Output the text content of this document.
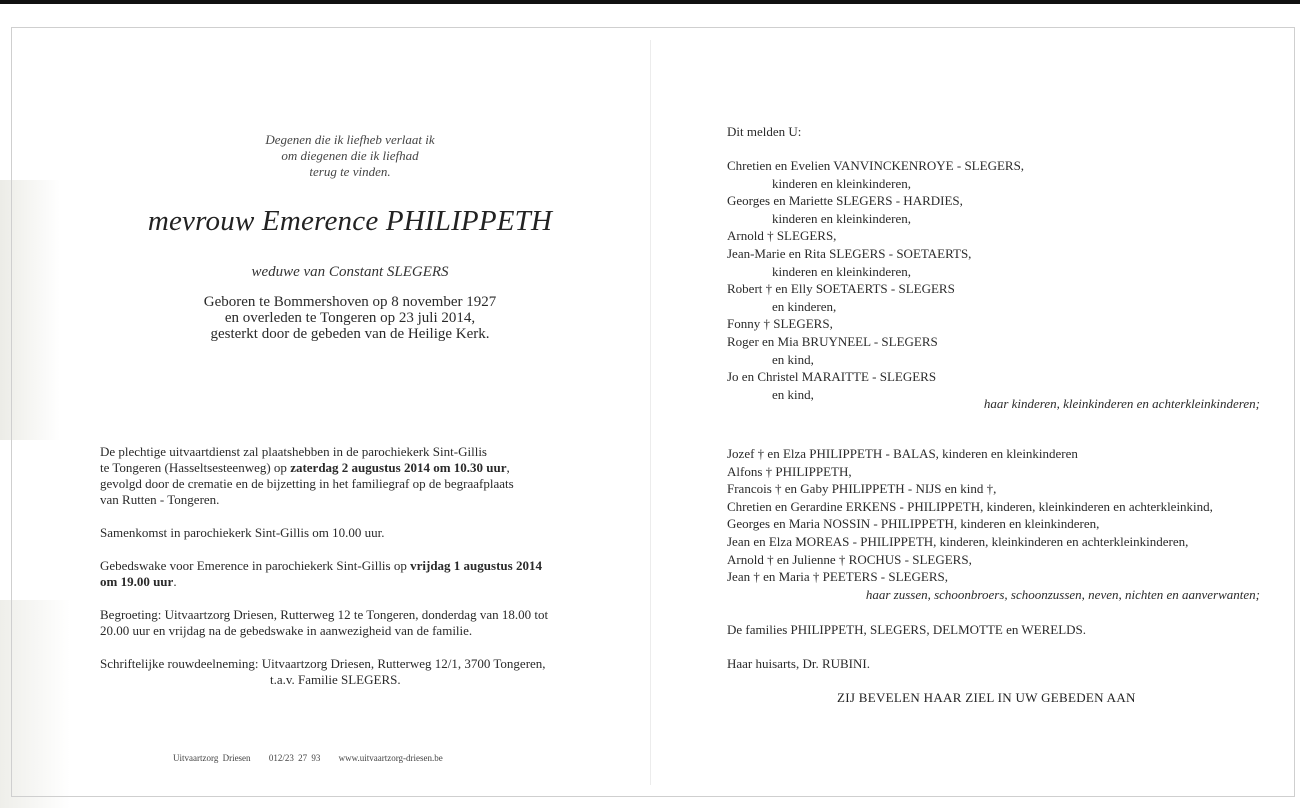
Degenen die ik liefheb verlaat ik
om diegenen die ik liefhad
terug te vinden.
mevrouw Emerence PHILIPPETH
weduwe van Constant SLEGERS
Geboren te Bommershoven op 8 november 1927
en overleden te Tongeren op 23 juli 2014,
gesterkt door de gebeden van de Heilige Kerk.

De plechtige uitvaartdienst zal plaatshebben in de parochiekerk Sint-Gillis
te Tongeren (Hasseltsesteenweg) op zaterdag 2 augustus 2014 om 10.30 uur,
gevolgd door de crematie en de bijzetting in het familiegraf op de begraafplaats
van Rutten - Tongeren.

Samenkomst in parochiekerk Sint-Gillis om 10.00 uur.

Gebedswake voor Emerence in parochiekerk Sint-Gillis op vrijdag 1 augustus 2014
om 19.00 uur.

Begroeting: Uitvaartzorg Driesen, Rutterweg 12 te Tongeren, donderdag van 18.00 tot
20.00 uur en vrijdag na de gebedswake in aanwezigheid van de familie.

Schriftelijke rouwdeelneming: Uitvaartzorg Driesen, Rutterweg 12/1, 3700 Tongeren,
t.a.v. Familie SLEGERS.

Uitvaartzorg Driesen 012/23 27 93 www.uitvaartzorg-driesen.be
Dit melden U:
Chretien en Evelien VANVINCKENROYE - SLEGERS,
kinderen en kleinkinderen,
Georges en Mariette SLEGERS - HARDIES,
kinderen en kleinkinderen,
Arnold † SLEGERS,
Jean-Marie en Rita SLEGERS - SOETAERTS,
kinderen en kleinkinderen,
Robert † en Elly SOETAERTS - SLEGERS
en kinderen,
Fonny † SLEGERS,
Roger en Mia BRUYNEEL - SLEGERS
en kind,
Jo en Christel MARAITTE - SLEGERS
en kind,
haar kinderen, kleinkinderen en achterkleinkinderen;
Jozef † en Elza PHILIPPETH - BALAS, kinderen en kleinkinderen
Alfons † PHILIPPETH,
Francois † en Gaby PHILIPPETH - NIJS en kind †,
Chretien en Gerardine ERKENS - PHILIPPETH, kinderen, kleinkinderen en achterkleinkind,
Georges en Maria NOSSIN - PHILIPPETH, kinderen en kleinkinderen,
Jean en Elza MOREAS - PHILIPPETH, kinderen, kleinkinderen en achterkleinkinderen,
Arnold † en Julienne † ROCHUS - SLEGERS,
Jean † en Maria † PEETERS - SLEGERS,
haar zussen, schoonbroers, schoonzussen, neven, nichten en aanverwanten;
De families PHILIPPETH, SLEGERS, DELMOTTE en WERELDS.
Haar huisarts, Dr. RUBINI.
ZIJ BEVELEN HAAR ZIEL IN UW GEBEDEN AAN
